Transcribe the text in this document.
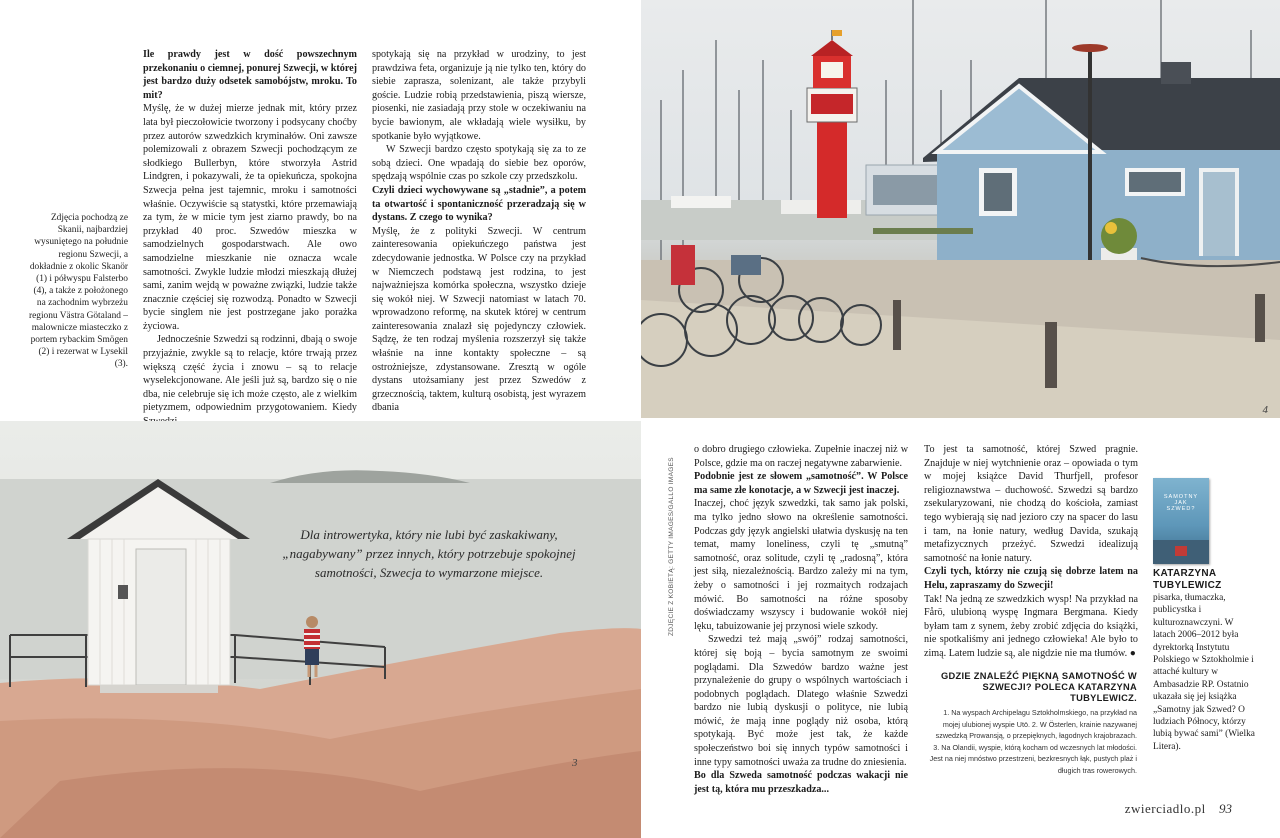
Zdjęcia pochodzą ze Skanii, najbardziej wysuniętego na południe regionu Szwecji, a dokładnie z okolic Skanör (1) i półwyspu Falsterbo (4), a także z położonego na zachodnim wybrzeżu regionu Västra Götaland – malownicze miasteczko z portem rybackim Smögen (2) i rezerwat w Lysekil (3).

Ile prawdy jest w dość powszechnym przekonaniu o ciemnej, ponurej Szwecji, w której jest bardzo duży odsetek samobójstw, mroku. To mit?

Myślę, że w dużej mierze jednak mit, który przez lata był pieczołowicie tworzony i podsycany choćby przez autorów szwedzkich kryminałów. Oni zawsze polemizowali z obrazem Szwecji pochodzącym ze słodkiego Bullerbyn, które stworzyła Astrid Lindgren, i pokazywali, że ta opiekuńcza, spokojna Szwecja pełna jest tajemnic, mroku i samotności właśnie. Oczywiście są statystki, które przemawiają za tym, że w micie tym jest ziarno prawdy, bo na przykład 40 proc. Szwedów mieszka w samodzielnych gospodarstwach. Ale owo samodzielne mieszkanie nie oznacza wcale samotności. Zwykle ludzie młodzi mieszkają dłużej sami, zanim wejdą w poważne związki, ludzie także znacznie częściej się rozwodzą. Ponadto w Szwecji bycie singlem nie jest postrzegane jako porażka życiowa.

Jednocześnie Szwedzi są rodzinni, dbają o swoje przyjaźnie, zwykle są to relacje, które trwają przez większą część życia i znowu – są to relacje wyselekcjonowane. Ale jeśli już są, bardzo się o nie dba, nie celebruje się ich może często, ale z wielkim pietyzmem, odpowiednim przygotowaniem. Kiedy

spotykają się na przykład w urodziny, to jest prawdziwa feta, organizuje ją nie tylko ten, który do siebie zaprasza, solenizant, ale także przybyli goście. Ludzie robią przedstawienia, piszą wiersze, piosenki, nie zasiadają przy stole w oczekiwaniu na bycie bawionym, ale wkładają wiele wysiłku, by spotkanie było wyjątkowe.

W Szwecji bardzo często spotykają się za to ze sobą dzieci. One wpadają do siebie bez oporów, spędzają wspólnie czas po szkole czy przedszkolu.

Czyli dzieci wychowywane są „stadnie”, a potem ta otwartość i spontaniczność przeradzają się w dystans. Z czego to wynika?

Myślę, że z polityki Szwecji. W centrum zainteresowania opiekuńczego państwa jest zdecydowanie jednostka. W Polsce czy na przykład w Niemczech podstawą jest rodzina, to jest najważniejsza komórka społeczna, wszystko dzieje się wokół niej. W Szwecji natomiast w latach 70. wprowadzono reformę, na skutek której w centrum zainteresowania znalazł się pojedynczy człowiek. Sądzę, że ten rodzaj myślenia rozszerzył się także właśnie na inne kontakty społeczne – są ostrożniejsze, zdystansowane. Zresztą w ogóle dystans utożsamiany jest przez Szwedów z grzecznością, taktem, kulturą osobistą, jest wyrazem dbania	4
3
Dla introwertyka, który nie lubi być zaskakiwany, „nagabywany” przez innych, który potrzebuje spokojnej samotności, Szwecja to wymarzone miejsce.	ZDJĘCIE Z KOBIETĄ: GETTY IMAGES/GALLO IMAGES

o dobro drugiego człowieka. Zupełnie inaczej niż w Polsce, gdzie ma on raczej negatywne zabarwienie.

Podobnie jest ze słowem „samotność”. W Polsce ma same złe konotacje, a w Szwecji jest inaczej.

Inaczej, choć język szwedzki, tak samo jak polski, ma tylko jedno słowo na określenie samotności. Podczas gdy język angielski ułatwia dyskusję na ten temat, mamy loneliness, czyli tę „smutną” samotność, oraz solitude, czyli tę „radosną”, która jest siłą, niezależnością. Bardzo zależy mi na tym, żeby o samotności i jej rozmaitych rodzajach mówić. Bo samotności na różne sposoby doświadczamy wszyscy i budowanie wokół niej lęku, tabuizowanie jej przynosi wiele szkody.

Szwedzi też mają „swój” rodzaj samotności, której się boją – bycia samotnym ze swoimi poglądami. Dla Szwedów bardzo ważne jest przynależenie do grupy o wspólnych wartościach i podobnych poglądach. Dlatego właśnie Szwedzi bardzo nie lubią dyskusji o polityce, nie lubią mówić, że mają inne poglądy niż osoba, którą spotykają. Być może jest tak, że każde społeczeństwo boi się innych typów samotności i inne typy samotności uważa za trudne do zniesienia.

Bo dla Szweda samotność podczas wakacji nie jest tą, która mu przeszkadza...

To jest ta samotność, której Szwed pragnie. Znajduje w niej wytchnienie oraz – opowiada o tym w mojej książce David Thurfjell, profesor religioznawstwa – duchowość. Szwedzi są bardzo zsekularyzowani, nie chodzą do kościoła, zamiast tego wybierają się nad jezioro czy na spacer do lasu i tam, na łonie natury, według Davida, szukają metafizycznych przeżyć. Szwedzi idealizują samotność na łonie natury.

Czyli tych, którzy nie czują się dobrze latem na Helu, zapraszamy do Szwecji!

Tak! Na jedną ze szwedzkich wysp! Na przykład na Fårö, ulubioną wyspę Ingmara Bergmana. Kiedy byłam tam z synem, żeby zrobić zdjęcia do książki, nie spotkaliśmy ani jednego człowieka! Ale było to zimą. Latem ludzie są, ale nigdzie nie ma tłumów. ●

SAMOTNY
JAK
SZWED?
KATARZYNA
TUBYLEWICZ
pisarka, tłumaczka, publicystka i kulturoznawczyni. W latach 2006–2012 była dyrektorką Instytutu Polskiego w Sztokholmie i attaché kultury w Ambasadzie RP. Ostatnio ukazała się jej książka „Samotny jak Szwed? O ludziach Północy, którzy lubią bywać sami” (Wielka Litera).
GDZIE ZNALEŹĆ PIĘKNĄ SAMOTNOŚĆ W SZWECJI? POLECA KATARZYNA TUBYLEWICZ.
1. Na wyspach Archipelagu Sztokholmskiego, na przykład na mojej ulubionej wyspie Utö. 2. W Österlen, krainie nazywanej szwedzką Prowansją, o przepięknych, łagodnych krajobrazach.
3. Na Olandii, wyspie, którą kocham od wczesnych lat młodości. Jest na niej mnóstwo przestrzeni, bezkresnych łąk, pustych plaż i długich tras rowerowych.
zwierciadlo.pl 93
